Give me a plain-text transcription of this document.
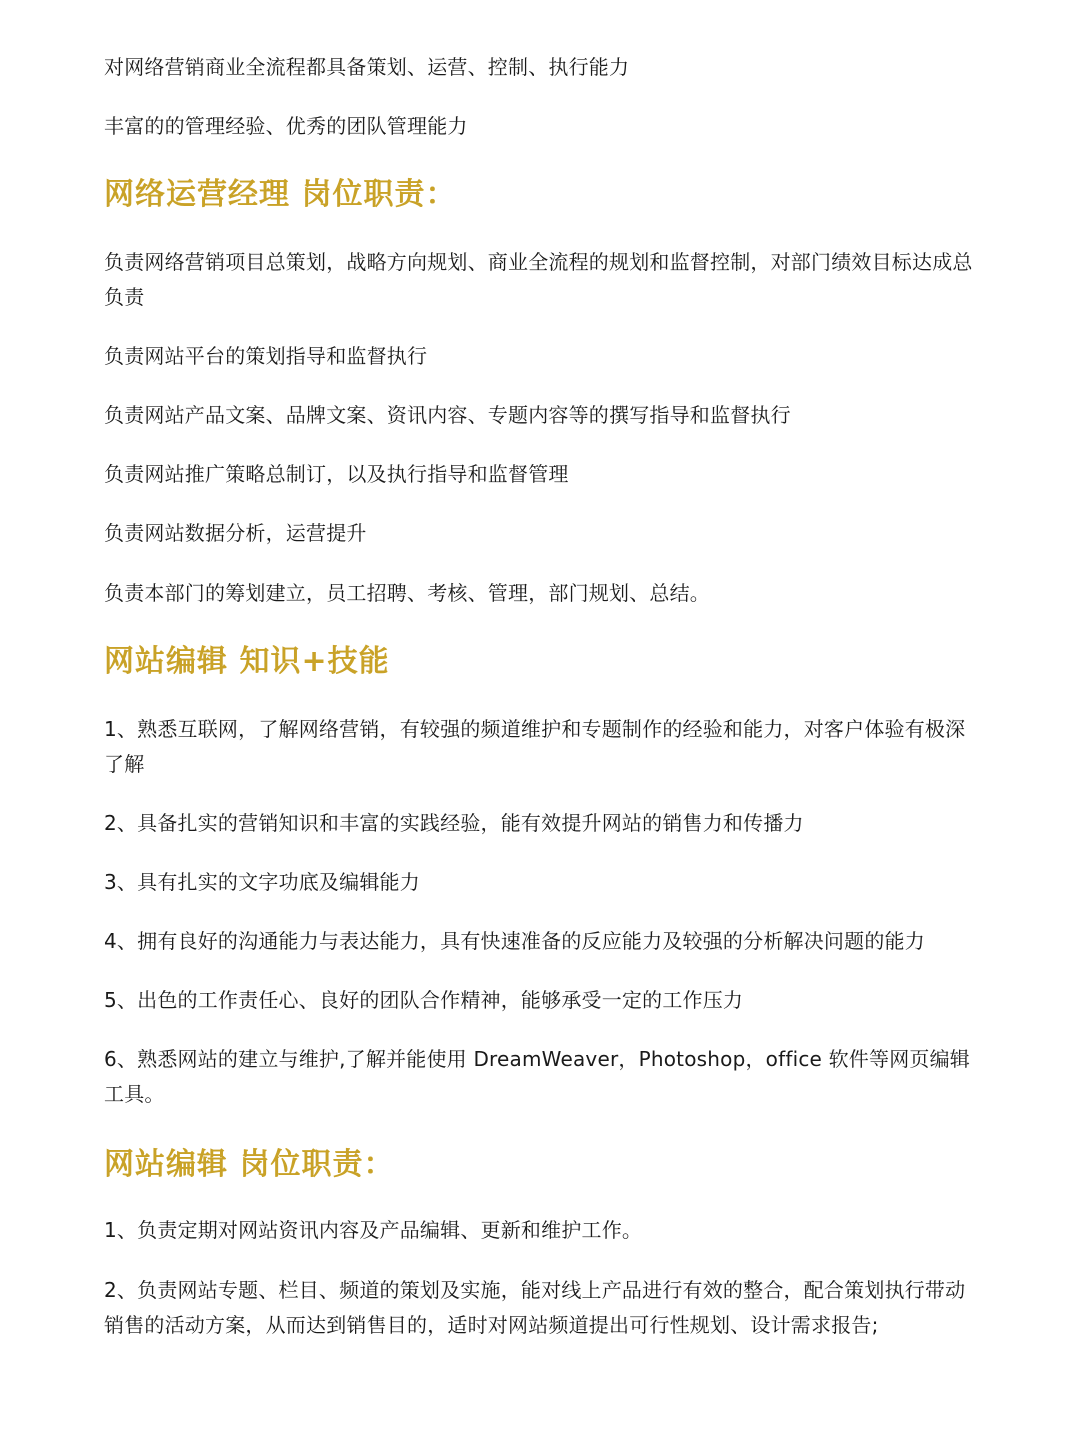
对网络营销商业全流程都具备策划、运营、控制、执行能力

丰富的的管理经验、优秀的团队管理能力

网络运营经理 岗位职责：

负责网络营销项目总策划，战略方向规划、商业全流程的规划和监督控制，对部门绩效目标达成总负责

负责网站平台的策划指导和监督执行

负责网站产品文案、品牌文案、资讯内容、专题内容等的撰写指导和监督执行

负责网站推广策略总制订，以及执行指导和监督管理

负责网站数据分析，运营提升

负责本部门的筹划建立，员工招聘、考核、管理，部门规划、总结。

网站编辑 知识+技能

1、熟悉互联网，了解网络营销，有较强的频道维护和专题制作的经验和能力，对客户体验有极深了解

2、具备扎实的营销知识和丰富的实践经验，能有效提升网站的销售力和传播力

3、具有扎实的文字功底及编辑能力

4、拥有良好的沟通能力与表达能力，具有快速准备的反应能力及较强的分析解决问题的能力

5、出色的工作责任心、良好的团队合作精神，能够承受一定的工作压力

6、熟悉网站的建立与维护,了解并能使用 DreamWeaver，Photoshop，office 软件等网页编辑工具。

网站编辑 岗位职责：

1、负责定期对网站资讯内容及产品编辑、更新和维护工作。

2、负责网站专题、栏目、频道的策划及实施，能对线上产品进行有效的整合，配合策划执行带动销售的活动方案，从而达到销售目的，适时对网站频道提出可行性规划、设计需求报告;
